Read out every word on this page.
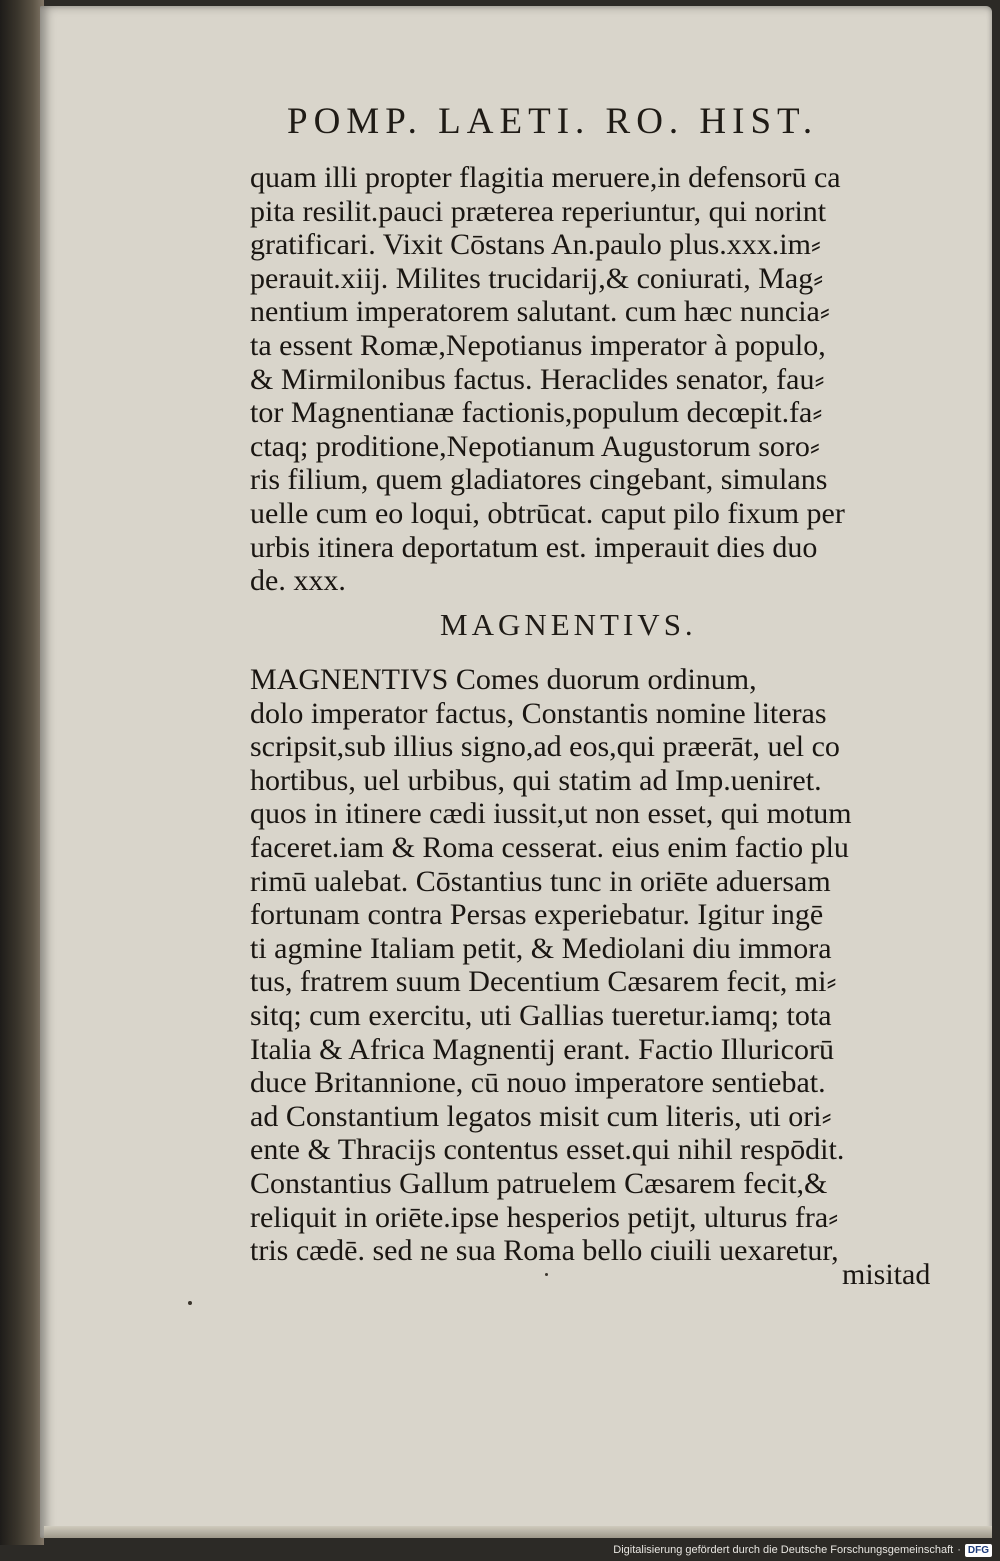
POMP. LAETI. RO. HIST.
quam illi propter flagitia meruere,in defensorū ca
pita resilit.pauci præterea reperiuntur, qui norint
gratificari. Vixit Cōstans An.paulo plus.xxx.im⸗
perauit.xiij. Milites trucidarij,& coniurati, Mag⸗
nentium imperatorem salutant. cum hæc nuncia⸗
ta essent Romæ,Nepotianus imperator à populo,
& Mirmilonibus factus. Heraclides senator, fau⸗
tor Magnentianæ factionis,populum decœpit.fa⸗
ctaq; proditione,Nepotianum Augustorum soro⸗
ris filium, quem gladiatores cingebant, simulans
uelle cum eo loqui, obtrūcat. caput pilo fixum per
urbis itinera deportatum est. imperauit dies duo
de. xxx.
MAGNENTIVS.
MAGNENTIVS Comes duorum ordinum,
dolo imperator factus, Constantis nomine literas
scripsit,sub illius signo,ad eos,qui præerāt, uel co
hortibus, uel urbibus, qui statim ad Imp.ueniret.
quos in itinere cædi iussit,ut non esset, qui motum
faceret.iam & Roma cesserat. eius enim factio plu
rimū ualebat. Cōstantius tunc in oriēte aduersam
fortunam contra Persas experiebatur. Igitur ingē
ti agmine Italiam petit, & Mediolani diu immora
tus, fratrem suum Decentium Cæsarem fecit, mi⸗
sitq; cum exercitu, uti Gallias tueretur.iamq; tota
Italia & Africa Magnentij erant. Factio Illuricorū
duce Britannione, cū nouo imperatore sentiebat.
ad Constantium legatos misit cum literis, uti ori⸗
ente & Thracijs contentus esset.qui nihil respōdit.
Constantius Gallum patruelem Cæsarem fecit,&
reliquit in oriēte.ipse hesperios petijt, ulturus fra⸗
tris cædē. sed ne sua Roma bello ciuili uexaretur,
misitad
Digitalisierung gefördert durch die Deutsche Forschungsgemeinschaft · DFG
